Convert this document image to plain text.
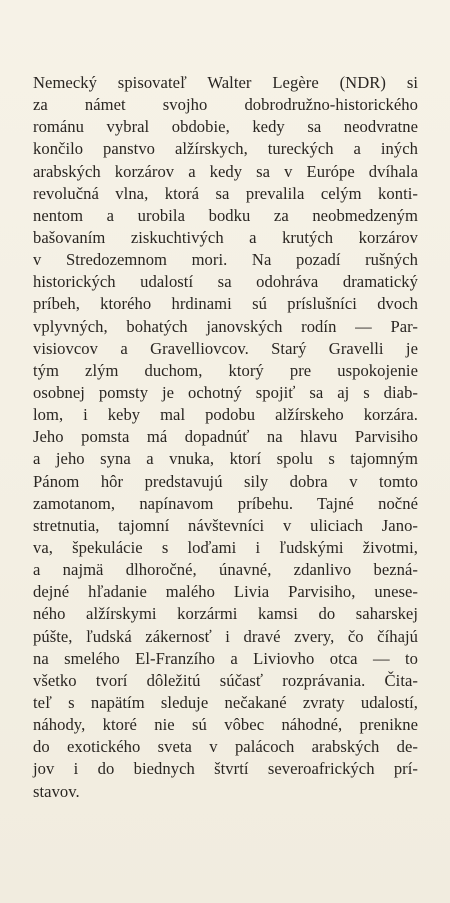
Nemecký spisovateľ Walter Legère (NDR) si
za námet svojho dobrodružno-historického
románu vybral obdobie, kedy sa neodvratne
končilo panstvo alžírskych, tureckých a iných
arabských korzárov a kedy sa v Európe dvíhala
revolučná vlna, ktorá sa prevalila celým konti-
nentom a urobila bodku za neobmedzeným
bašovaním ziskuchtivých a krutých korzárov
v Stredozemnom mori. Na pozadí rušných
historických udalostí sa odohráva dramatický
príbeh, ktorého hrdinami sú príslušníci dvoch
vplyvných, bohatých janovských rodín — Par-
visiovcov a Gravelliovcov. Starý Gravelli je
tým zlým duchom, ktorý pre uspokojenie
osobnej pomsty je ochotný spojiť sa aj s diab-
lom, i keby mal podobu alžírskeho korzára.
Jeho pomsta má dopadnúť na hlavu Parvisiho
a jeho syna a vnuka, ktorí spolu s tajomným
Pánom hôr predstavujú sily dobra v tomto
zamotanom, napínavom príbehu. Tajné nočné
stretnutia, tajomní návštevníci v uliciach Jano-
va, špekulácie s loďami i ľudskými životmi,
a najmä dlhoročné, únavné, zdanlivo bezná-
dejné hľadanie malého Livia Parvisiho, unese-
ného alžírskymi korzármi kamsi do saharskej
púšte, ľudská zákernosť i dravé zvery, čo číhajú
na smelého El-Franzího a Liviovho otca — to
všetko tvorí dôležitú súčasť rozprávania. Čita-
teľ s napätím sleduje nečakané zvraty udalostí,
náhody, ktoré nie sú vôbec náhodné, prenikne
do exotického sveta v palácoch arabských de-
jov i do biednych štvrtí severoafrických prí-
stavov.
